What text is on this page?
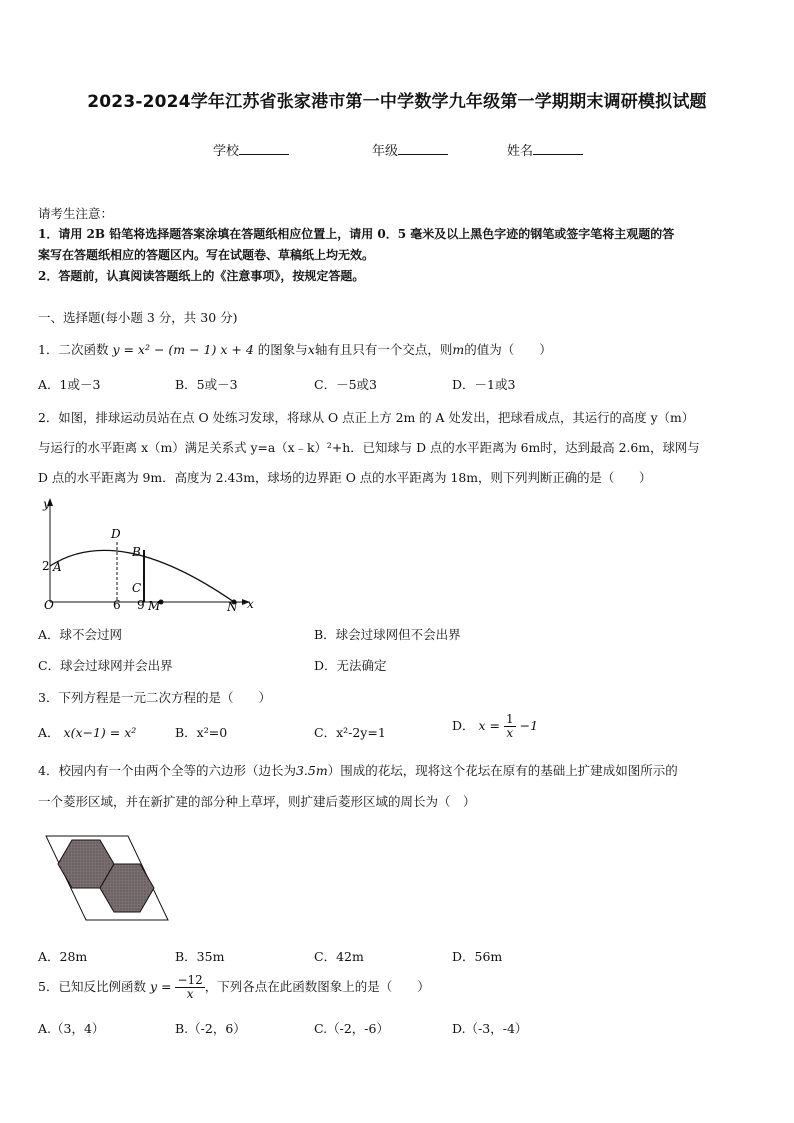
2023-2024学年江苏省张家港市第一中学数学九年级第一学期期末调研模拟试题
学校	年级	姓名
请考生注意：
1．请用 2B 铅笔将选择题答案涂填在答题纸相应位置上，请用 0．5 毫米及以上黑色字迹的钢笔或签字笔将主观题的答
案写在答题纸相应的答题区内。写在试题卷、草稿纸上均无效。
2．答题前，认真阅读答题纸上的《注意事项》，按规定答题。
一、选择题(每小题 3 分，共 30 分)
1．二次函数 y = x² − (m − 1) x + 4 的图象与x轴有且只有一个交点，则m的值为（　　）
A．1或－3	B．5或－3	C．－5或3	D．－1或3
2．如图，排球运动员站在点 O 处练习发球，将球从 O 点正上方 2m 的 A 处发出，把球看成点，其运行的高度 y（m）
与运行的水平距离 x（m）满足关系式 y=a（x﹣k）²+h．已知球与 D 点的水平距离为 6m时，达到最高 2.6m，球网与
D 点的水平距离为 9m．高度为 2.43m，球场的边界距 O 点的水平距离为 18m，则下列判断正确的是（　　）
y
x
O
2 A
D
B
C
6 9 M	N
A．球不会过网	B．球会过球网但不会出界
C．球会过球网并会出界	D．无法确定
3．下列方程是一元二次方程的是（　　）
A． x(x−1) = x²	B．x²=0	C．x²-2y=1	D． $x = \frac{1}{x} -1$
4．校园内有一个由两个全等的六边形（边长为3.5m）围成的花坛，现将这个花坛在原有的基础上扩建成如图所示的
一个菱形区域，并在新扩建的部分种上草坪，则扩建后菱形区域的周长为（　）
A．28m	B．35m	C．42m	D．56m
5．已知反比例函数 $y = \frac{-12}{x}$ ，下列各点在此函数图象上的是（　　）
A.（3，4）	B.（-2，6）	C.（-2，-6）	D.（-3，-4）
